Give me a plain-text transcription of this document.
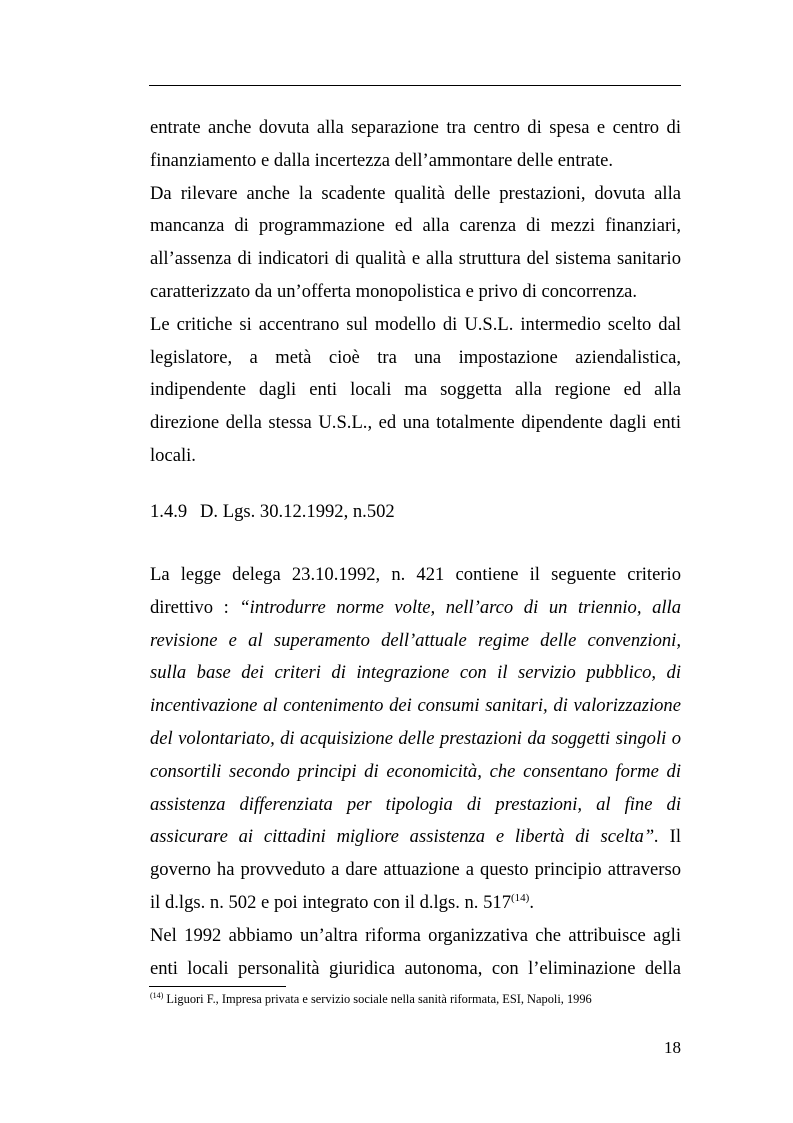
entrate anche dovuta alla separazione tra centro di spesa e centro di
finanziamento e dalla incertezza dell’ammontare delle entrate.
Da rilevare anche la scadente qualità delle prestazioni, dovuta alla
mancanza di programmazione ed alla carenza di mezzi finanziari,
all’assenza di indicatori di qualità e alla struttura del sistema sanitario
caratterizzato da un’offerta monopolistica e privo di concorrenza.
Le critiche si accentrano sul modello di U.S.L. intermedio scelto dal
legislatore, a metà cioè tra una impostazione aziendalistica,
indipendente dagli enti locali ma soggetta alla regione ed alla
direzione della stessa U.S.L., ed una totalmente dipendente dagli enti
locali.
1.4.9 D. Lgs. 30.12.1992, n.502
La legge delega 23.10.1992, n. 421 contiene il seguente criterio
direttivo : “introdurre norme volte, nell’arco di un triennio, alla
revisione e al superamento dell’attuale regime delle convenzioni,
sulla base dei criteri di integrazione con il servizio pubblico, di
incentivazione al contenimento dei consumi sanitari, di valorizzazione
del volontariato, di acquisizione delle prestazioni da soggetti singoli o
consortili secondo principi di economicità, che consentano forme di
assistenza differenziata per tipologia di prestazioni, al fine di
assicurare ai cittadini migliore assistenza e libertà di scelta”. Il
governo ha provveduto a dare attuazione a questo principio attraverso
il d.lgs. n. 502 e poi integrato con il d.lgs. n. 517$^{(14)}$.
Nel 1992 abbiamo un’altra riforma organizzativa che attribuisce agli
enti locali personalità giuridica autonoma, con l’eliminazione della
$^{(14)}$ Liguori F., Impresa privata e servizio sociale nella sanità riformata, ESI, Napoli, 1996
18
